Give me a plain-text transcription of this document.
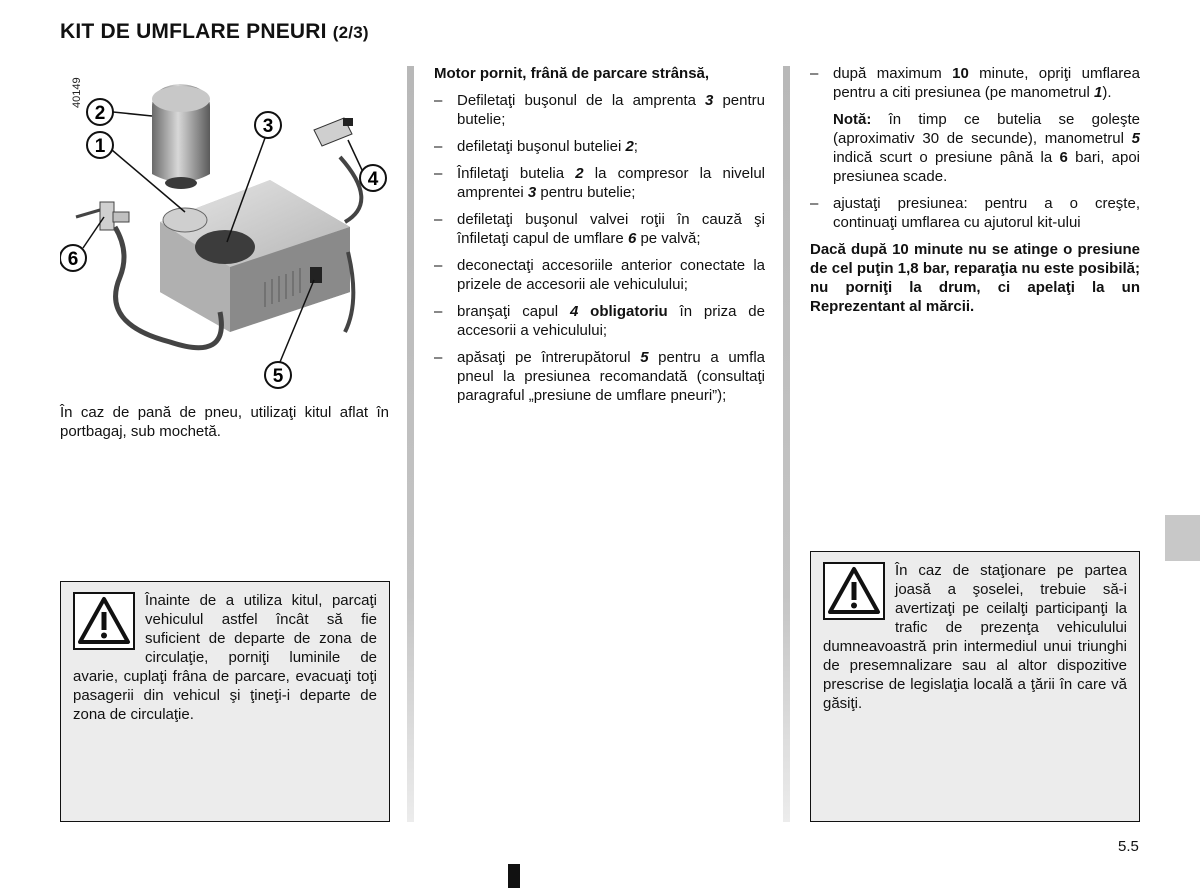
KIT DE UMFLARE PNEURI (2/3)
40149
1
2
3
4
5
6
În caz de pană de pneu, utilizaţi kitul aflat în portbagaj, sub mochetă.
Înainte de a utiliza kitul, parcaţi vehiculul astfel încât să fie suficient de departe de zona de circulaţie, porniţi luminile de avarie, cuplaţi frâna de parcare, evacuaţi toţi pasagerii din vehicul şi ţineţi-i departe de zona de circulaţie.

Motor pornit, frână de parcare strânsă,

– Defiletaţi buşonul de la amprenta 3 pentru butelie;
– defiletaţi buşonul buteliei 2;
– Înfiletaţi butelia 2 la compresor la nivelul amprentei 3 pentru butelie;
– defiletaţi buşonul valvei roţii în cauză şi înfiletaţi capul de umflare 6 pe valvă;
– deconectaţi accesoriile anterior conectate la prizele de accesorii ale vehiculului;
– branşaţi capul 4 obligatoriu în priza de accesorii a vehiculului;
– apăsaţi pe întrerupătorul 5 pentru a umfla pneul la presiunea recomandată (consultaţi paragraful „presiune de umflare pneuri”);
– după maximum 10 minute, opriţi umflarea pentru a citi presiunea (pe manometrul 1).

Notă: în timp ce butelia se goleşte (aproximativ 30 de secunde), manometrul 5 indică scurt o presiune până la 6 bari, apoi presiunea scade.

– ajustaţi presiunea: pentru a o creşte, continuaţi umflarea cu ajutorul kit-ului

Dacă după 10 minute nu se atinge o presiune de cel puţin 1,8 bar, reparaţia nu este posibilă; nu porniţi la drum, ci apelaţi la un Reprezentant al mărcii.

În caz de staţionare pe partea joasă a şoselei, trebuie să-i avertizaţi pe ceilalţi participanţi la trafic de prezenţa vehiculului dumneavoastră prin intermediul unui triunghi de presemnalizare sau al altor dispozitive prescrise de legislaţia locală a ţării în care vă găsiţi.
5.5
